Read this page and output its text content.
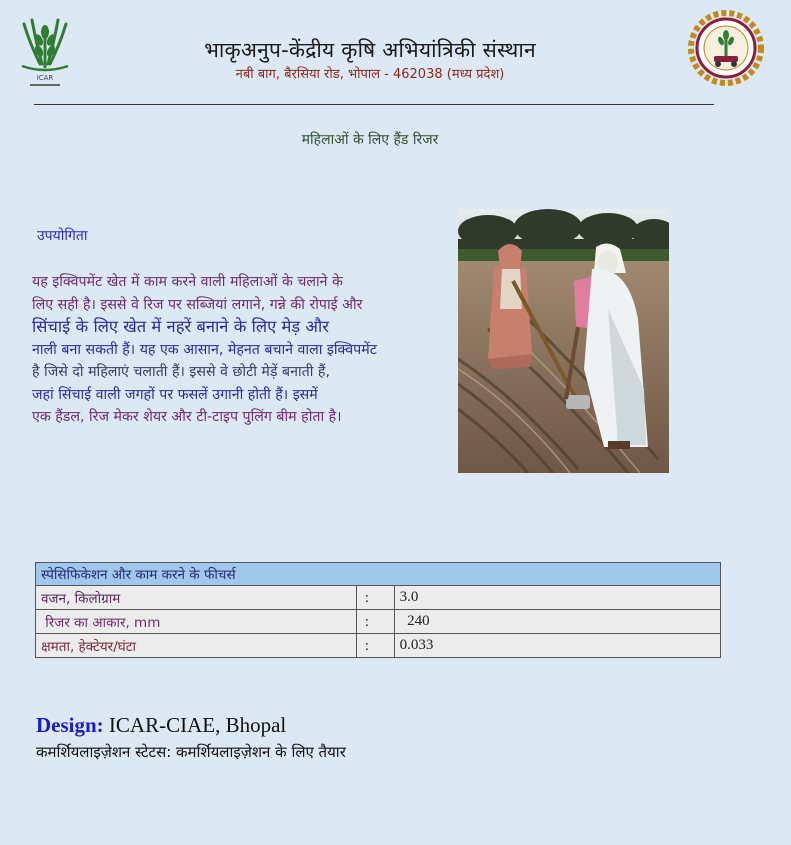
ICAR
भाकृअनुप-केंद्रीय कृषि अभियांत्रिकी संस्थान
नबी बाग, बैरसिया रोड, भोपाल - 462038 (मध्य प्रदेश)
महिलाओं के लिए हैंड रिजर
उपयोगिता
यह इक्विपमेंट खेत में काम करने वाली महिलाओं के चलाने के
लिए सही है। इससे वे रिज पर सब्जियां लगाने, गन्ने की रोपाई और
सिंचाई के लिए खेत में नहरें बनाने के लिए मेड़ और
नाली बना सकती हैं। यह एक आसान, मेहनत बचाने वाला इक्विपमेंट
है जिसे दो महिलाएं चलाती हैं। इससे वे छोटी मेड़ें बनाती हैं,
जहां सिंचाई वाली जगहों पर फसलें उगानी होती हैं। इसमें
एक हैंडल, रिज मेकर शेयर और टी-टाइप पुलिंग बीम होता है।
स्पेसिफिकेशन और काम करने के फीचर्स		
वजन, किलोग्राम	:	3.0
रिजर का आकार, mm	:	240
क्षमता, हेक्टेयर/घंटा	:	0.033
Design: ICAR-CIAE, Bhopal
कमर्शियलाइज़ेशन स्टेटस: कमर्शियलाइज़ेशन के लिए तैयार
